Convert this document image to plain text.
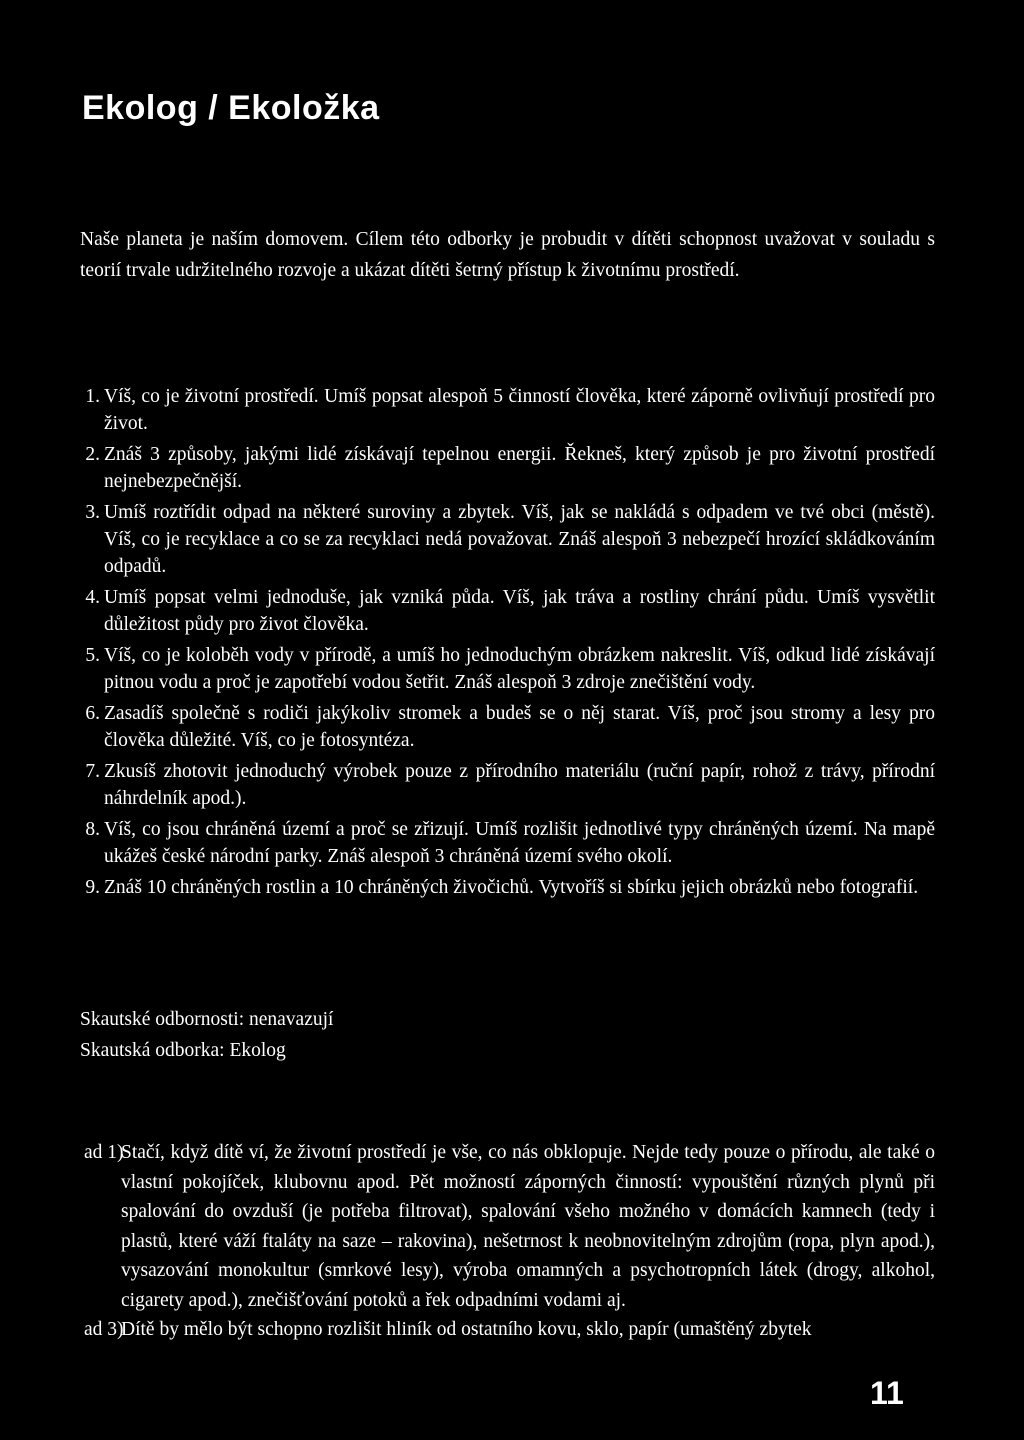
Ekolog / Ekoložka

Naše planeta je naším domovem. Cílem této odborky je probudit v dítěti schopnost uvažovat v souladu s teorií trvale udržitelného rozvoje a ukázat dítěti šetrný přístup k životnímu prostředí.

1. Víš, co je životní prostředí. Umíš popsat alespoň 5 činností člověka, které záporně ovlivňují prostředí pro život.
2. Znáš 3 způsoby, jakými lidé získávají tepelnou energii. Řekneš, který způsob je pro životní prostředí nejnebezpečnější.
3. Umíš roztřídit odpad na některé suroviny a zbytek. Víš, jak se nakládá s odpadem ve tvé obci (městě). Víš, co je recyklace a co se za recyklaci nedá považovat. Znáš alespoň 3 nebezpečí hrozící skládkováním odpadů.
4. Umíš popsat velmi jednoduše, jak vzniká půda. Víš, jak tráva a rostliny chrání půdu. Umíš vysvětlit důležitost půdy pro život člověka.
5. Víš, co je koloběh vody v přírodě, a umíš ho jednoduchým obrázkem nakreslit. Víš, odkud lidé získávají pitnou vodu a proč je zapotřebí vodou šetřit. Znáš alespoň 3 zdroje znečištění vody.
6. Zasadíš společně s rodiči jakýkoliv stromek a budeš se o něj starat. Víš, proč jsou stromy a lesy pro člověka důležité. Víš, co je fotosyntéza.
7. Zkusíš zhotovit jednoduchý výrobek pouze z přírodního materiálu (ruční papír, rohož z trávy, přírodní náhrdelník apod.).
8. Víš, co jsou chráněná území a proč se zřizují. Umíš rozlišit jednotlivé typy chráněných území. Na mapě ukážeš české národní parky. Znáš alespoň 3 chráněná území svého okolí.
9. Znáš 10 chráněných rostlin a 10 chráněných živočichů. Vytvoříš si sbírku jejich obrázků nebo fotografií.
Skautské odbornosti: nenavazují
Skautská odborka: Ekolog
ad 1)
Stačí, když dítě ví, že životní prostředí je vše, co nás obklopuje. Nejde tedy pouze o přírodu, ale také o vlastní pokojíček, klubovnu apod. Pět možností záporných činností: vypouštění různých plynů při spalování do ovzduší (je potřeba filtrovat), spalování všeho možného v domácích kamnech (tedy i plastů, které váží ftaláty na saze – rakovina), nešetrnost k neobnovitelným zdrojům (ropa, plyn apod.), vysazování monokultur (smrkové lesy), výroba omamných a psychotropních látek (drogy, alkohol, cigarety apod.), znečišťování potoků a řek odpadními vodami aj.
ad 3)
Dítě by mělo být schopno rozlišit hliník od ostatního kovu, sklo, papír (umaštěný zbytek
11
